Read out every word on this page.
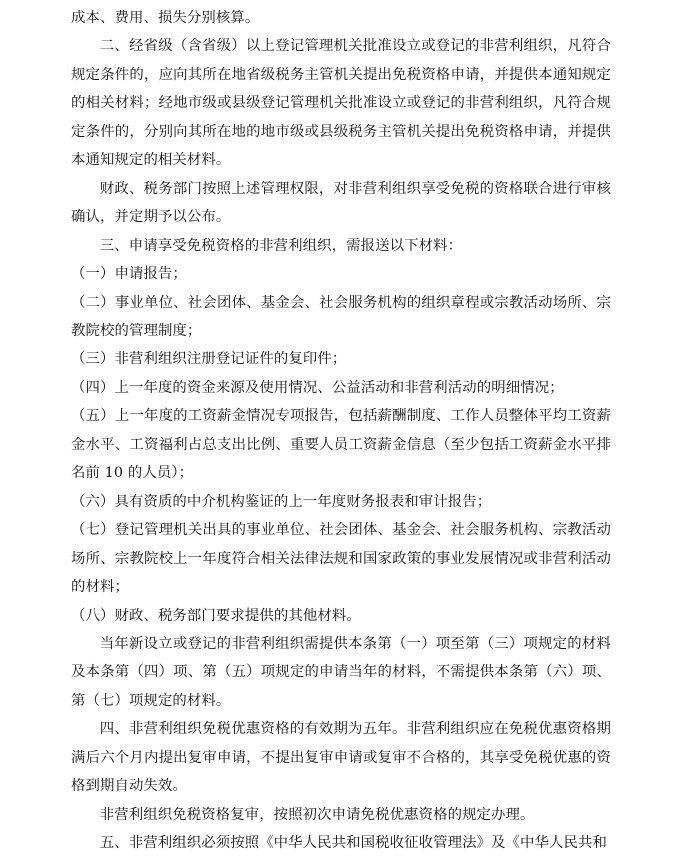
成本、费用、损失分别核算。

二、经省级（含省级）以上登记管理机关批准设立或登记的非营利组织，凡符合规定条件的，应向其所在地省级税务主管机关提出免税资格申请，并提供本通知规定的相关材料；经地市级或县级登记管理机关批准设立或登记的非营利组织，凡符合规定条件的，分别向其所在地的地市级或县级税务主管机关提出免税资格申请，并提供本通知规定的相关材料。

财政、税务部门按照上述管理权限，对非营利组织享受免税的资格联合进行审核确认，并定期予以公布。

三、申请享受免税资格的非营利组织，需报送以下材料：

（一）申请报告；

（二）事业单位、社会团体、基金会、社会服务机构的组织章程或宗教活动场所、宗教院校的管理制度；

（三）非营利组织注册登记证件的复印件；

（四）上一年度的资金来源及使用情况、公益活动和非营利活动的明细情况；

（五）上一年度的工资薪金情况专项报告，包括薪酬制度、工作人员整体平均工资薪金水平、工资福利占总支出比例、重要人员工资薪金信息（至少包括工资薪金水平排名前 10 的人员）；

（六）具有资质的中介机构鉴证的上一年度财务报表和审计报告；

（七）登记管理机关出具的事业单位、社会团体、基金会、社会服务机构、宗教活动场所、宗教院校上一年度符合相关法律法规和国家政策的事业发展情况或非营利活动的材料；

（八）财政、税务部门要求提供的其他材料。

当年新设立或登记的非营利组织需提供本条第（一）项至第（三）项规定的材料及本条第（四）项、第（五）项规定的申请当年的材料，不需提供本条第（六）项、第（七）项规定的材料。

四、非营利组织免税优惠资格的有效期为五年。非营利组织应在免税优惠资格期满后六个月内提出复审申请，不提出复审申请或复审不合格的，其享受免税优惠的资格到期自动失效。

非营利组织免税资格复审，按照初次申请免税优惠资格的规定办理。

五、非营利组织必须按照《中华人民共和国税收征收管理法》及《中华人民共和
